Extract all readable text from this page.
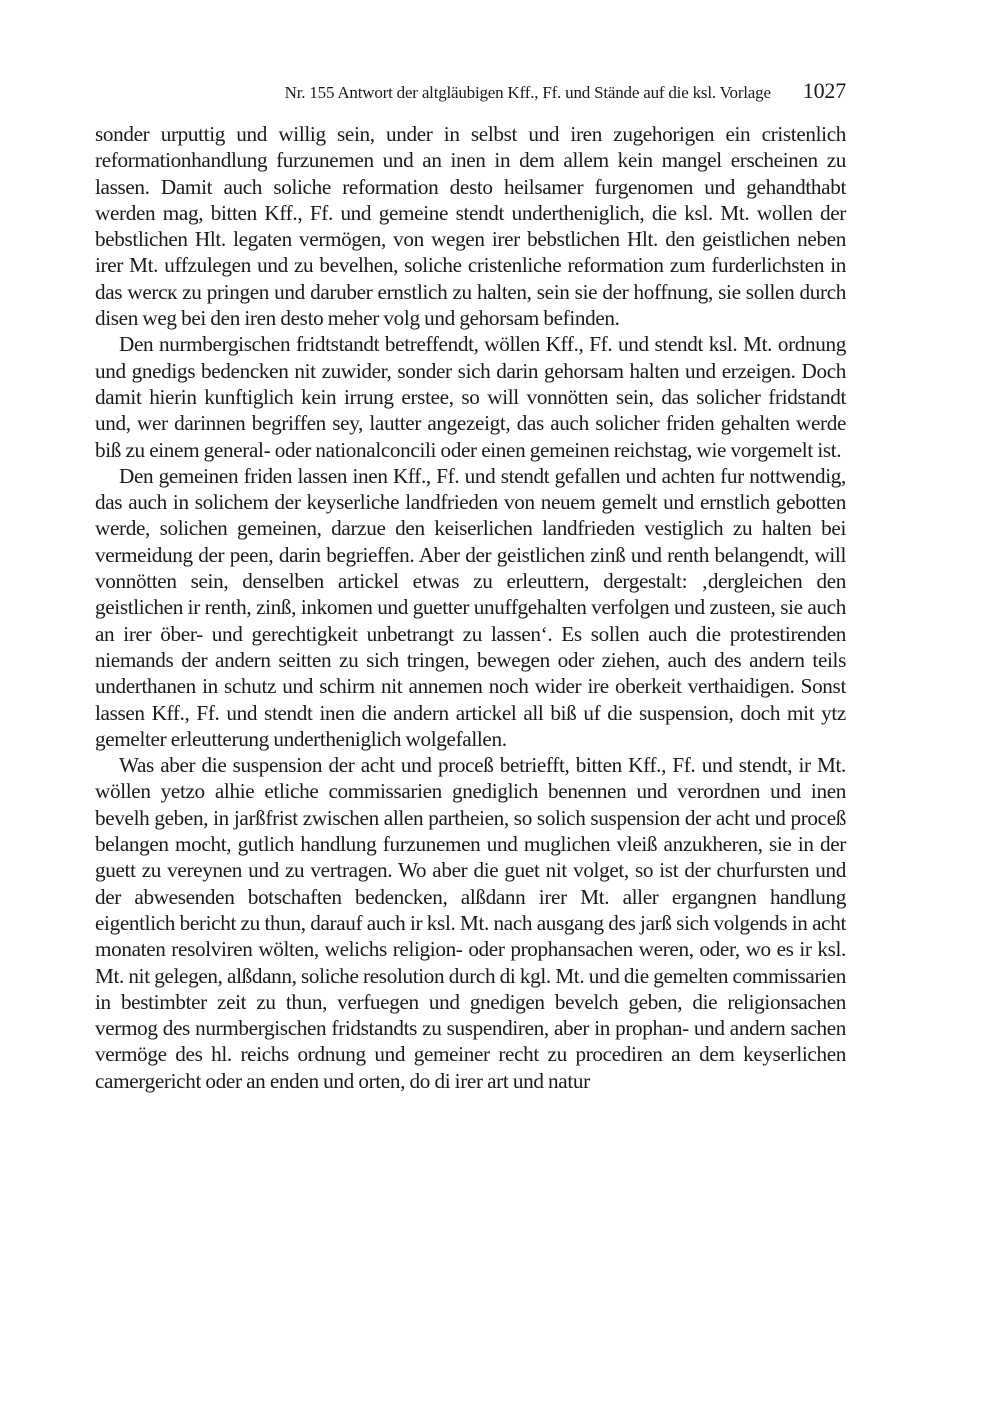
Nr. 155 Antwort der altgläubigen Kff., Ff. und Stände auf die ksl. Vorlage 1027

sonder urputtig und willig sein, under in selbst und iren zugehorigen ein cristenlich reformationhandlung furzunemen und an inen in dem allem kein mangel erscheinen zu lassen. Damit auch soliche reformation desto heilsamer furgenomen und gehandthabt werden mag, bitten Kff., Ff. und gemeine stendt undertheniglich, die ksl. Mt. wollen der bebstlichen Hlt. legaten vermögen, von wegen irer bebstlichen Hlt. den geistlichen neben irer Mt. uffzulegen und zu bevelhen, soliche cristenliche reformation zum furderlichsten in das wercк zu pringen und daruber ernstlich zu halten, sein sie der hoffnung, sie sollen durch disen weg bei den iren desto meher volg und gehorsam befinden.

Den nurmbergischen fridtstandt betreffendt, wöllen Kff., Ff. und stendt ksl. Mt. ordnung und gnedigs bedencken nit zuwider, sonder sich darin gehorsam halten und erzeigen. Doch damit hierin kunftiglich kein irrung erstee, so will vonnötten sein, das solicher fridstandt und, wer darinnen begriffen sey, lautter angezeigt, das auch solicher friden gehalten werde biß zu einem general- oder nationalconcili oder einen gemeinen reichstag, wie vorgemelt ist.

Den gemeinen friden lassen inen Kff., Ff. und stendt gefallen und achten fur nottwendig, das auch in solichem der keyserliche landfrieden von neuem gemelt und ernstlich gebotten werde, solichen gemeinen, darzue den keiserlichen landfrieden vestiglich zu halten bei vermeidung der peen, darin begrieffen. Aber der geistlichen zinß und renth belangendt, will vonnötten sein, denselben artickel etwas zu erleuttern, dergestalt: ‚dergleichen den geistlichen ir renth, zinß, inkomen und guetter unuffgehalten verfolgen und zusteen, sie auch an irer öber- und gerechtigkeit unbetrangt zu lassen‘. Es sollen auch die protestirenden niemands der andern seitten zu sich tringen, bewegen oder ziehen, auch des andern teils underthanen in schutz und schirm nit annemen noch wider ire oberkeit verthaidigen. Sonst lassen Kff., Ff. und stendt inen die andern artickel all biß uf die suspension, doch mit ytz gemelter erleutterung undertheniglich wolgefallen.

Was aber die suspension der acht und proceß betriefft, bitten Kff., Ff. und stendt, ir Mt. wöllen yetzo alhie etliche commissarien gnediglich benennen und verordnen und inen bevelh geben, in jarßfrist zwischen allen partheien, so solich suspension der acht und proceß belangen mocht, gutlich handlung furzunemen und muglichen vleiß anzukheren, sie in der guett zu vereynen und zu vertragen. Wo aber die guet nit volget, so ist der churfursten und der abwesenden botschaften bedencken, alßdann irer Mt. aller ergangnen handlung eigentlich bericht zu thun, darauf auch ir ksl. Mt. nach ausgang des jarß sich volgends in acht monaten resolviren wölten, welichs religion- oder prophansachen weren, oder, wo es ir ksl. Mt. nit gelegen, alßdann, soliche resolution durch di kgl. Mt. und die gemelten commissarien in bestimbter zeit zu thun, verfuegen und gnedigen bevelch geben, die religionsachen vermog des nurmbergischen fridstandts zu suspendiren, aber in prophan- und andern sachen vermöge des hl. reichs ordnung und gemeiner recht zu procediren an dem keyserlichen camergericht oder an enden und orten, do di irer art und natur
